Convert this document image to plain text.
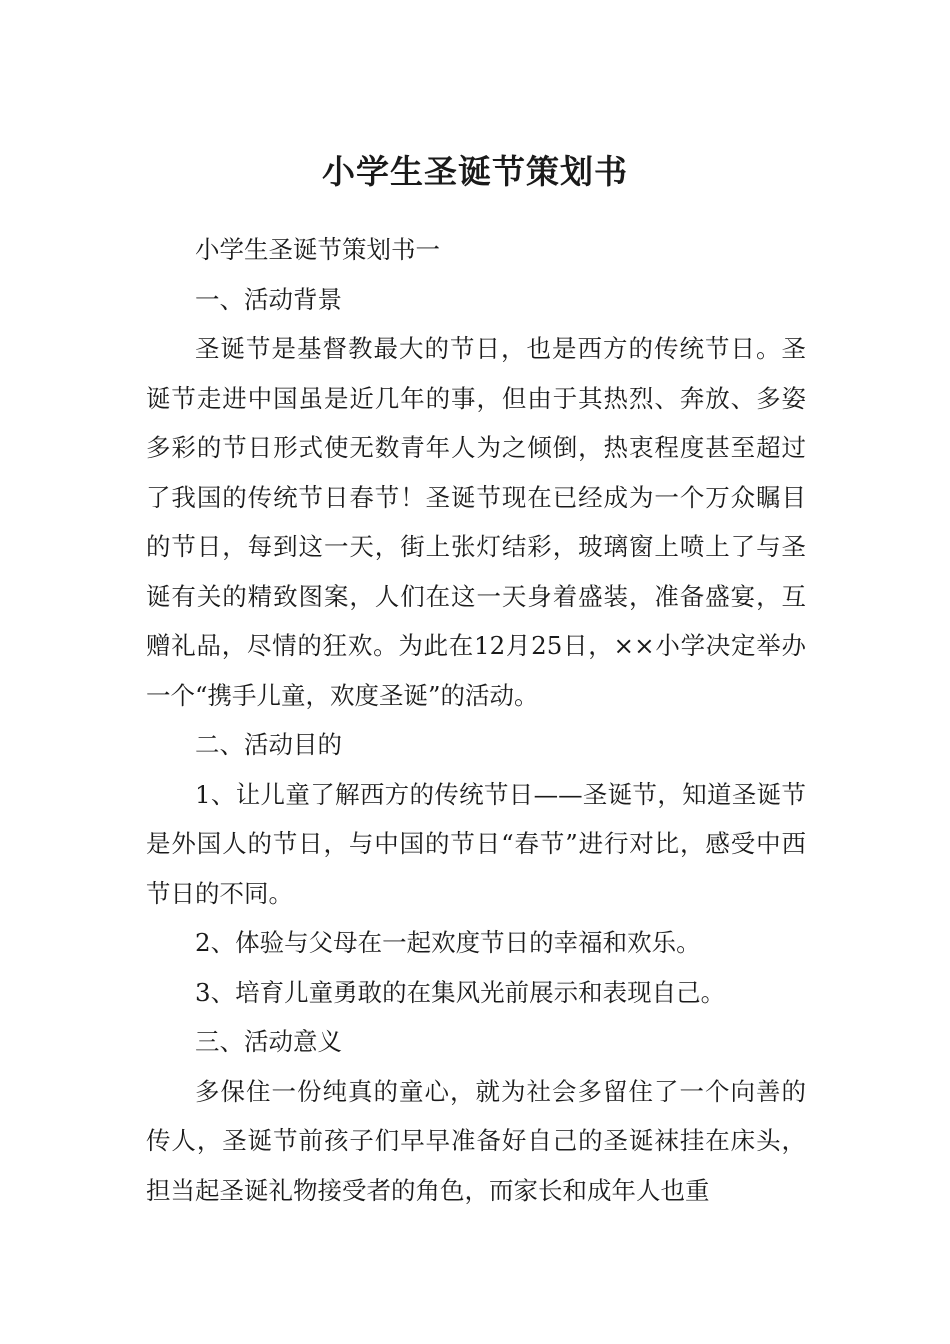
小学生圣诞节策划书

小学生圣诞节策划书一

一、活动背景

圣诞节是基督教最大的节日，也是西方的传统节日。圣诞节走进中国虽是近几年的事，但由于其热烈、奔放、多姿多彩的节日形式使无数青年人为之倾倒，热衷程度甚至超过了我国的传统节日春节！圣诞节现在已经成为一个万众瞩目的节日，每到这一天，街上张灯结彩，玻璃窗上喷上了与圣诞有关的精致图案，人们在这一天身着盛装，准备盛宴，互赠礼品，尽情的狂欢。为此在12月25日，××小学决定举办一个“携手儿童，欢度圣诞”的活动。

二、活动目的

1、让儿童了解西方的传统节日——圣诞节，知道圣诞节是外国人的节日，与中国的节日“春节”进行对比，感受中西节日的不同。

2、体验与父母在一起欢度节日的幸福和欢乐。

3、培育儿童勇敢的在集风光前展示和表现自己。

三、活动意义

多保住一份纯真的童心，就为社会多留住了一个向善的传人，圣诞节前孩子们早早准备好自己的圣诞袜挂在床头，担当起圣诞礼物接受者的角色，而家长和成年人也重
